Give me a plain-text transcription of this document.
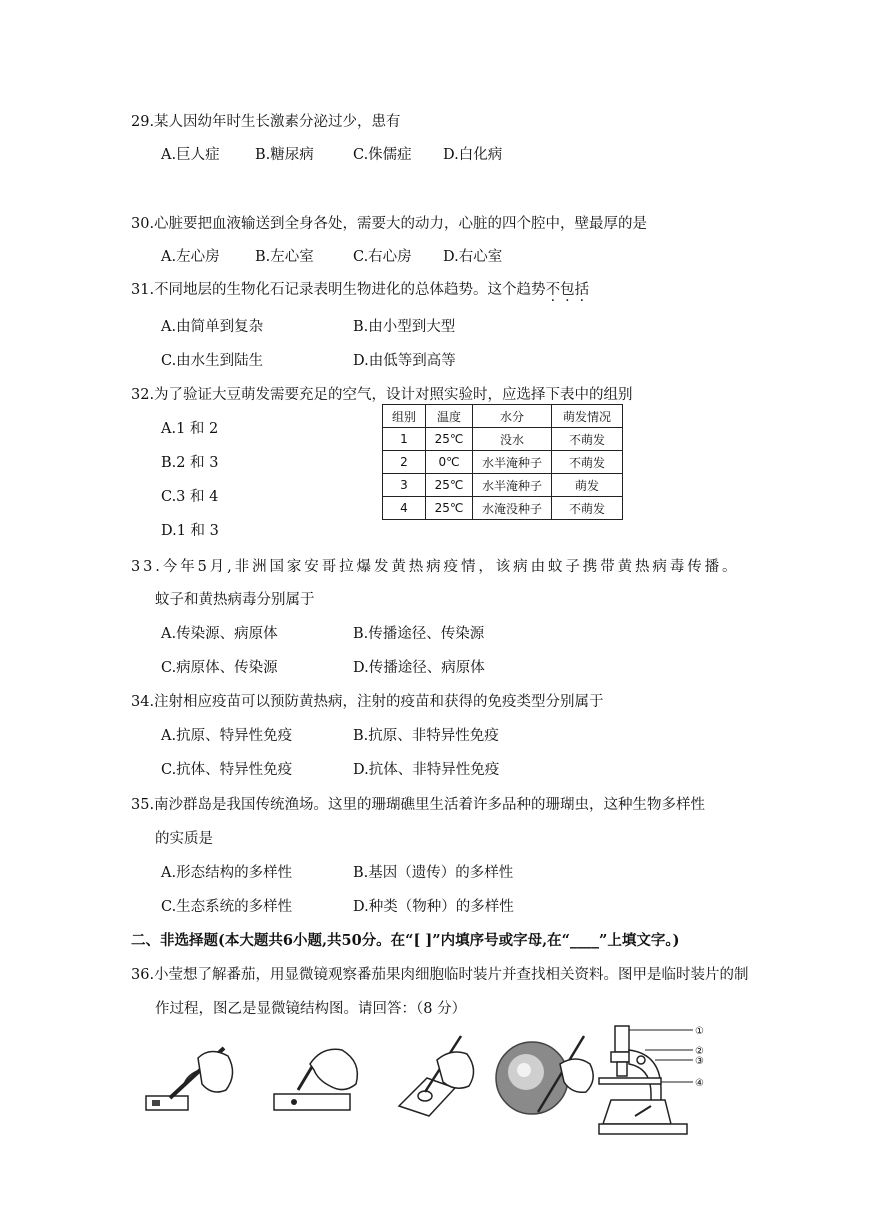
29.某人因幼年时生长激素分泌过少，患有
A.巨人症 B.糖尿病	C.侏儒症 D.白化病
30.心脏要把血液输送到全身各处，需要大的动力，心脏的四个腔中，壁最厚的是
A.左心房 B.左心室	C.右心房 D.右心室
31.不同地层的生物化石记录表明生物进化的总体趋势。这个趋势不包括
A.由简单到复杂	B.由小型到大型
C.由水生到陆生	D.由低等到高等
32.为了验证大豆萌发需要充足的空气，设计对照实验时，应选择下表中的组别
A.1 和 2
B.2 和 3
C.3 和 4
D.1 和 3
组别	温度	水分	萌发情况
1	25℃	没水	不萌发
2	0℃	水半淹种子	不萌发
3	25℃	水半淹种子	萌发
4	25℃	水淹没种子	不萌发
3 3 . 今 年 5 月 , 非 洲 国 家 安 哥 拉 爆 发 黄 热 病 疫 情 ， 该 病 由 蚊 子 携 带 黄 热 病 毒 传 播 。
蚊子和黄热病毒分别属于
A.传染源、病原体	B.传播途径、传染源
C.病原体、传染源	D.传播途径、病原体
34.注射相应疫苗可以预防黄热病，注射的疫苗和获得的免疫类型分别属于
A.抗原、特异性免疫	B.抗原、非特异性免疫
C.抗体、特异性免疫	D.抗体、非特异性免疫
35.南沙群岛是我国传统渔场。这里的珊瑚礁里生活着许多品种的珊瑚虫，这种生物多样性
的实质是
A.形态结构的多样性	B.基因（遗传）的多样性
C.生态系统的多样性	D.种类（物种）的多样性
二、非选择题(本大题共6小题,共50分。在“[ ]”内填序号或字母,在“____”上填文字。)
36.小莹想了解番茄，用显微镜观察番茄果肉细胞临时装片并查找相关资料。图甲是临时装片的制
作过程，图乙是显微镜结构图。请回答：（8 分）
①
②
③
④
